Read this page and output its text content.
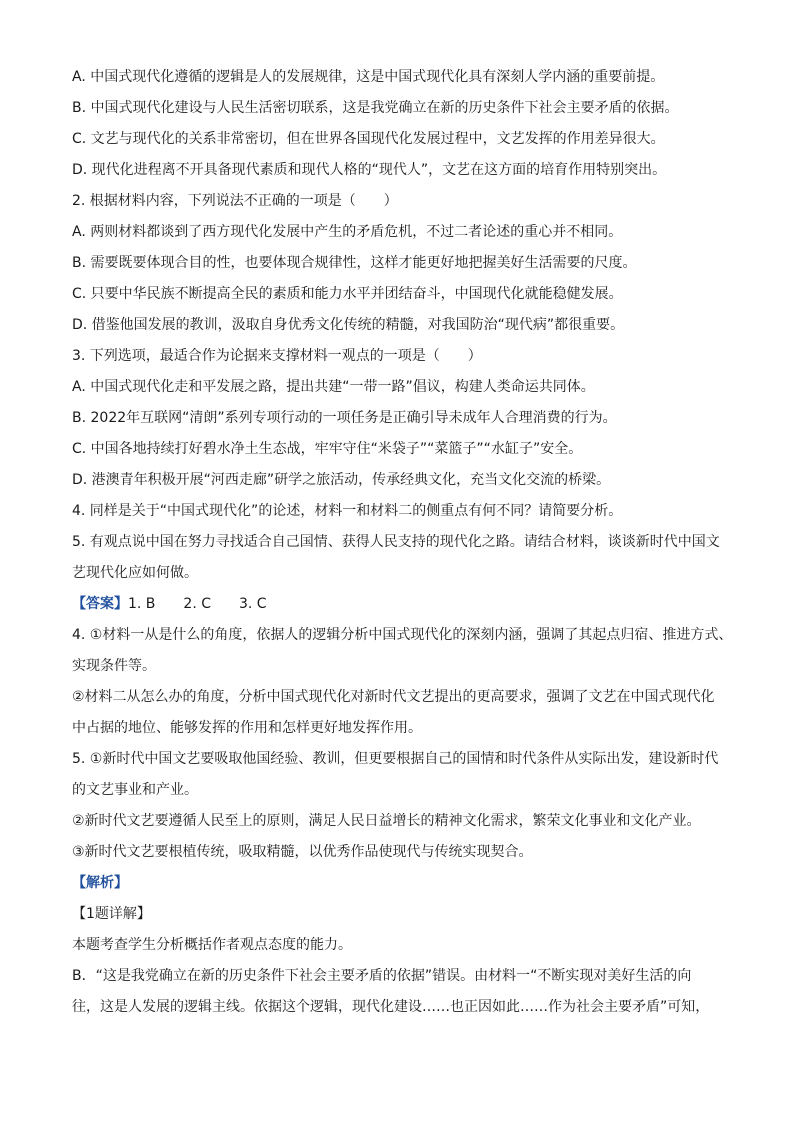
A. 中国式现代化遵循的逻辑是人的发展规律，这是中国式现代化具有深刻人学内涵的重要前提。
B. 中国式现代化建设与人民生活密切联系，这是我党确立在新的历史条件下社会主要矛盾的依据。
C. 文艺与现代化的关系非常密切，但在世界各国现代化发展过程中，文艺发挥的作用差异很大。
D. 现代化进程离不开具备现代素质和现代人格的“现代人”，文艺在这方面的培育作用特别突出。
2. 根据材料内容，下列说法不正确的一项是（　　）
A. 两则材料都谈到了西方现代化发展中产生的矛盾危机，不过二者论述的重心并不相同。
B. 需要既要体现合目的性，也要体现合规律性，这样才能更好地把握美好生活需要的尺度。
C. 只要中华民族不断提高全民的素质和能力水平并团结奋斗，中国现代化就能稳健发展。
D. 借鉴他国发展的教训，汲取自身优秀文化传统的精髓，对我国防治“现代病”都很重要。
3. 下列选项，最适合作为论据来支撑材料一观点的一项是（　　）
A. 中国式现代化走和平发展之路，提出共建“一带一路”倡议，构建人类命运共同体。
B. 2022年互联网“清朗”系列专项行动的一项任务是正确引导未成年人合理消费的行为。
C. 中国各地持续打好碧水净土生态战，牢牢守住“米袋子”“菜篮子”“水缸子”安全。
D. 港澳青年积极开展“河西走廊”研学之旅活动，传承经典文化，充当文化交流的桥梁。
4. 同样是关于“中国式现代化”的论述，材料一和材料二的侧重点有何不同？请简要分析。
5. 有观点说中国在努力寻找适合自己国情、获得人民支持的现代化之路。请结合材料，谈谈新时代中国文
艺现代化应如何做。
【答案】1. B　　2. C　　3. C
4. ①材料一从是什么的角度，依据人的逻辑分析中国式现代化的深刻内涵，强调了其起点归宿、推进方式、
实现条件等。
②材料二从怎么办的角度，分析中国式现代化对新时代文艺提出的更高要求，强调了文艺在中国式现代化
中占据的地位、能够发挥的作用和怎样更好地发挥作用。
5. ①新时代中国文艺要吸取他国经验、教训，但更要根据自己的国情和时代条件从实际出发，建设新时代
的文艺事业和产业。
②新时代文艺要遵循人民至上的原则，满足人民日益增长的精神文化需求，繁荣文化事业和文化产业。
③新时代文艺要根植传统，吸取精髓，以优秀作品使现代与传统实现契合。
【解析】
【1题详解】
本题考查学生分析概括作者观点态度的能力。
B．“这是我党确立在新的历史条件下社会主要矛盾的依据”错误。由材料一“不断实现对美好生活的向
往，这是人发展的逻辑主线。依据这个逻辑，现代化建设……也正因如此……作为社会主要矛盾”可知，
